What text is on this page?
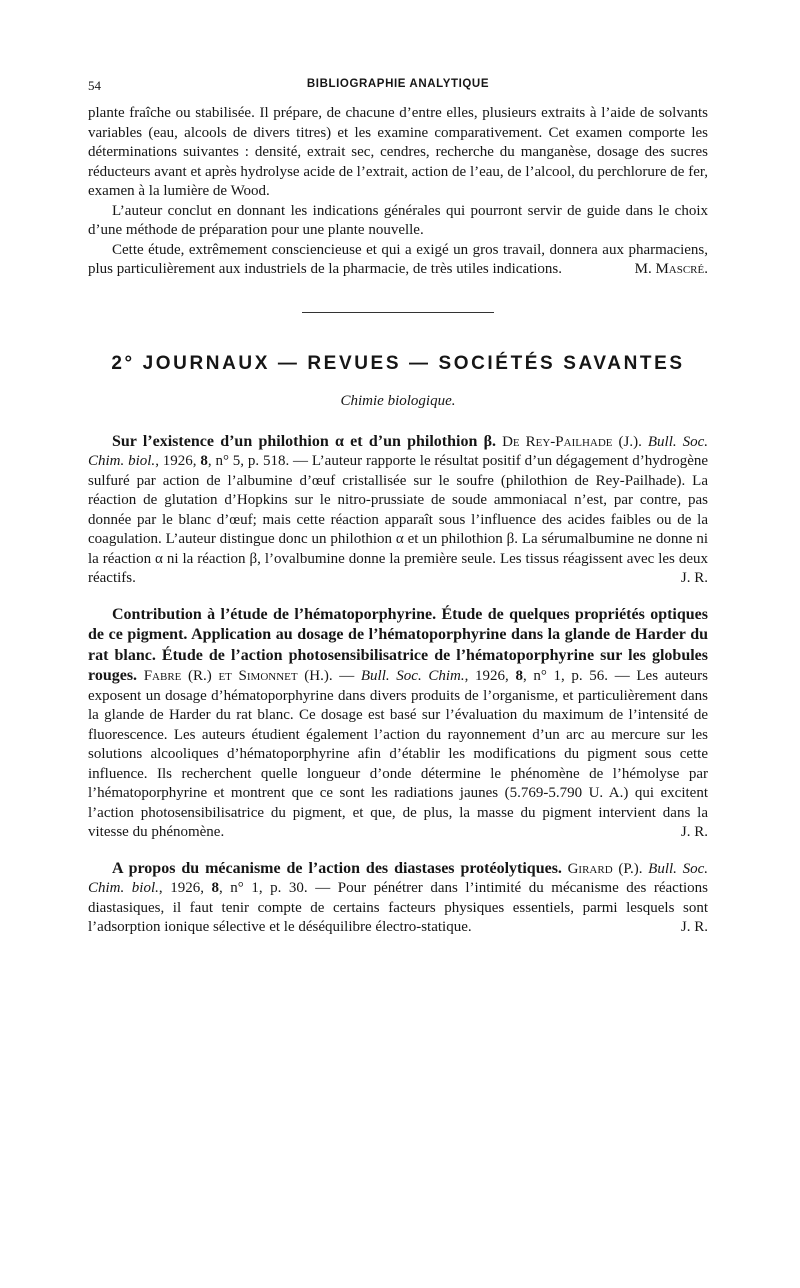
54	BIBLIOGRAPHIE ANALYTIQUE

plante fraîche ou stabilisée. Il prépare, de chacune d’entre elles, plusieurs extraits à l’aide de solvants variables (eau, alcools de divers titres) et les examine comparativement. Cet examen comporte les déterminations suivantes : densité, extrait sec, cendres, recherche du manganèse, dosage des sucres réducteurs avant et après hydrolyse acide de l’extrait, action de l’eau, de l’alcool, du perchlorure de fer, examen à la lumière de Wood.

L’auteur conclut en donnant les indications générales qui pourront servir de guide dans le choix d’une méthode de préparation pour une plante nouvelle.

Cette étude, extrêmement consciencieuse et qui a exigé un gros travail, donnera aux pharmaciens, plus particulièrement aux industriels de la pharmacie, de très utiles indications.	M. Mascré.

2° JOURNAUX — REVUES — SOCIÉTÉS SAVANTES
Chimie biologique.

Sur l’existence d’un philothion α et d’un philothion β. De Rey-Pailhade (J.). Bull. Soc. Chim. biol., 1926, 8, n° 5, p. 518. — L’auteur rapporte le résultat positif d’un dégagement d’hydrogène sulfuré par action de l’albumine d’œuf cristallisée sur le soufre (philothion de Rey-Pailhade). La réaction de glutation d’Hopkins sur le nitro-prussiate de soude ammoniacal n’est, par contre, pas donnée par le blanc d’œuf; mais cette réaction apparaît sous l’influence des acides faibles ou de la coagulation. L’auteur distingue donc un philothion α et un philothion β. La sérumalbumine ne donne ni la réaction α ni la réaction β, l’ovalbumine donne la première seule. Les tissus réagissent avec les deux réactifs.	J. R.

Contribution à l’étude de l’hématoporphyrine. Étude de quelques propriétés optiques de ce pigment. Application au dosage de l’hématoporphyrine dans la glande de Harder du rat blanc. Étude de l’action photosensibilisatrice de l’hématoporphyrine sur les globules rouges. Fabre (R.) et Simonnet (H.). — Bull. Soc. Chim., 1926, 8, n° 1, p. 56. — Les auteurs exposent un dosage d’hématoporphyrine dans divers produits de l’organisme, et particulièrement dans la glande de Harder du rat blanc. Ce dosage est basé sur l’évaluation du maximum de l’intensité de fluorescence. Les auteurs étudient également l’action du rayonnement d’un arc au mercure sur les solutions alcooliques d’hématoporphyrine afin d’établir les modifications du pigment sous cette influence. Ils recherchent quelle longueur d’onde détermine le phénomène de l’hémolyse par l’hématoporphyrine et montrent que ce sont les radiations jaunes (5.769-5.790 U. A.) qui excitent l’action photosensibilisatrice du pigment, et que, de plus, la masse du pigment intervient dans la vitesse du phénomène.	J. R.

A propos du mécanisme de l’action des diastases protéolytiques. Girard (P.). Bull. Soc. Chim. biol., 1926, 8, n° 1, p. 30. — Pour pénétrer dans l’intimité du mécanisme des réactions diastasiques, il faut tenir compte de certains facteurs physiques essentiels, parmi lesquels sont l’adsorption ionique sélective et le déséquilibre électro-statique.	J. R.
